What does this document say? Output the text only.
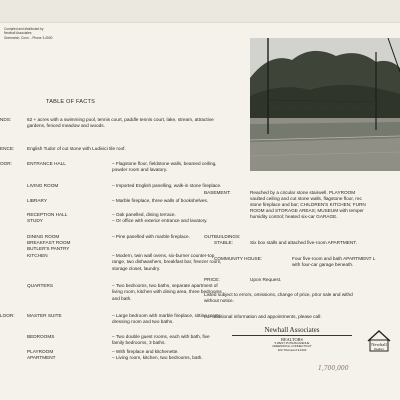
Compiled and distributed by
Newhall Associates
Greenwich, Conn. - Phone 3-4500
TABLE OF FACTS
NDS:	62 + acres with a swimming pool, tennis court, paddle tennis court, lake, stream, attractive gardens, fenced meadow and woods.
ENCE:	English Tudor of cut stone with Ludivici tile roof.
OOR:
LOOR:
ENTRANCE HALL	– Flagstone floor, fieldstone walls, beamed ceiling, powder room and lavatory.
LIVING ROOM	– Imported English panelling, walk-in stone fireplace.
LIBRARY	– Marble fireplace, three walls of bookshelves.
RECEPTION HALL	– Oak panelled, dining terrace.
STUDY	– Or office with exterior entrance and lavatory.
DINING ROOM	– Pine panelled with marble fireplace.
BREAKFAST ROOM
BUTLER'S PANTRY
KITCHEN	– Modern, twin wall ovens, six-burner counter-top range, two dishwashers, breakfast bar, freezer room, storage closet, laundry.
QUARTERS	– Two bedrooms, two baths, separate apartment of living room, kitchen with dining area, three bedrooms and bath.
MASTER SUITE	– Large bedroom with marble fireplace, sitting room, dressing room and two baths.
BEDROOMS	– Two double guest rooms, each with bath, five family bedrooms, 3 baths.
PLAYROOM	– With fireplace and kitchenette.
APARTMENT	– Living room, kitchen, two bedrooms, bath.
BASEMENT:	Reached by a circular stone stairwell. PLAYROOM
vaulted ceiling and cut stone walls, flagstone floor, rec
stone fireplace and bar; CHILDREN'S KITCHEN; FURN
ROOM and STORAGE AREAS; MUSEUM with temper
humidity control; heated six-car GARAGE.
OUTBUILDINGS:
STABLE:	Six box stalls and attached five-room APARTMENT.
COMMUNITY HOUSE:	Four five-room and bath APARTMENT L
with four-car garage beneath.
PRICE:	Upon Request.
Listed subject to errors, omissions, change of price, prior sale and withd
without notice.
For additional information and appointments, please call:
Newhall Associates
REALTORS
5 WEST PUTNAM AVENUE
GREENWICH, CONNECTICUT
203-TOwnsend 9-6100
Newhall
Realtors
1,700,000
